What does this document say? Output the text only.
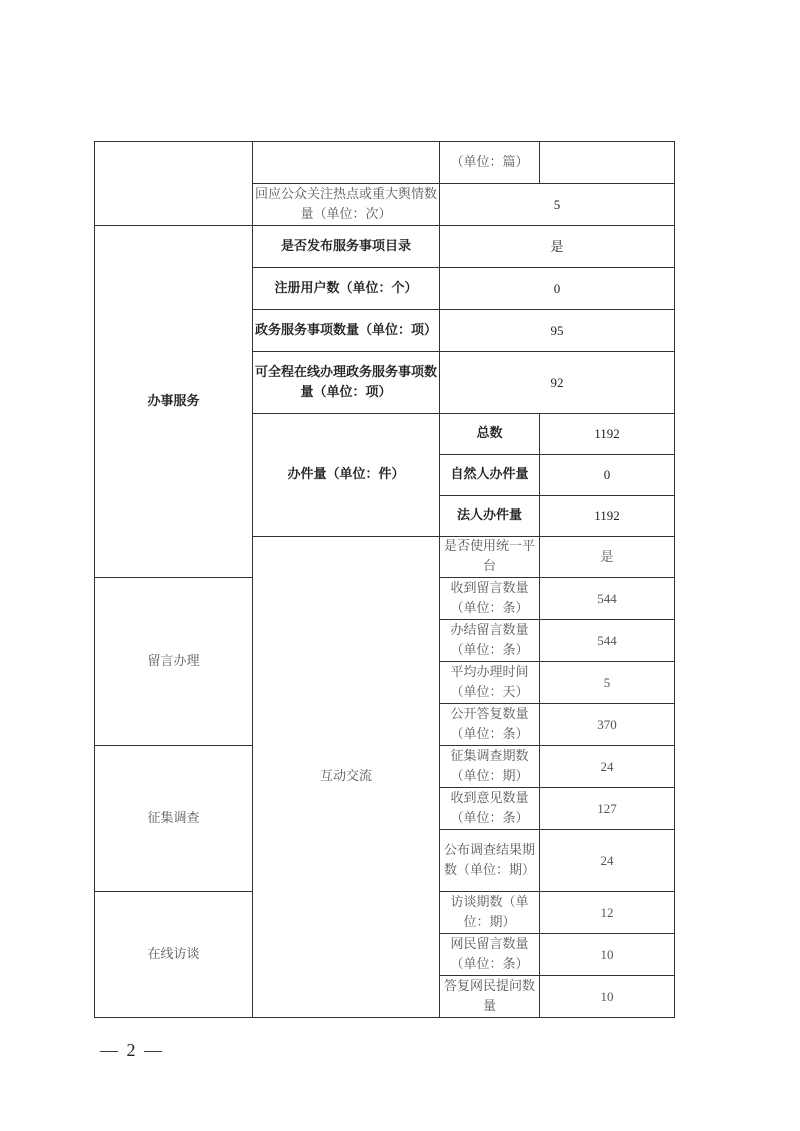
		（单位：篇）	
	回应公众关注热点或重大舆情数量（单位：次）	5	
办事服务	是否发布服务事项目录	是	
	注册用户数（单位：个）	0	
	政务服务事项数量（单位：项）	95	
	可全程在线办理政务服务事项数量（单位：项）	92	
	办件量（单位：件）	总数	1192
		自然人办件量	0
		法人办件量	1192
	互动交流	是否使用统一平台	是
留言办理		收到留言数量（单位：条）	544
		办结留言数量（单位：条）	544
		平均办理时间（单位：天）	5
		公开答复数量（单位：条）	370
征集调查		征集调查期数（单位：期）	24
		收到意见数量（单位：条）	127
		公布调查结果期数（单位：期）	24
在线访谈		访谈期数（单位：期）	12
		网民留言数量（单位：条）	10
		答复网民提问数量	10
— 2 —
